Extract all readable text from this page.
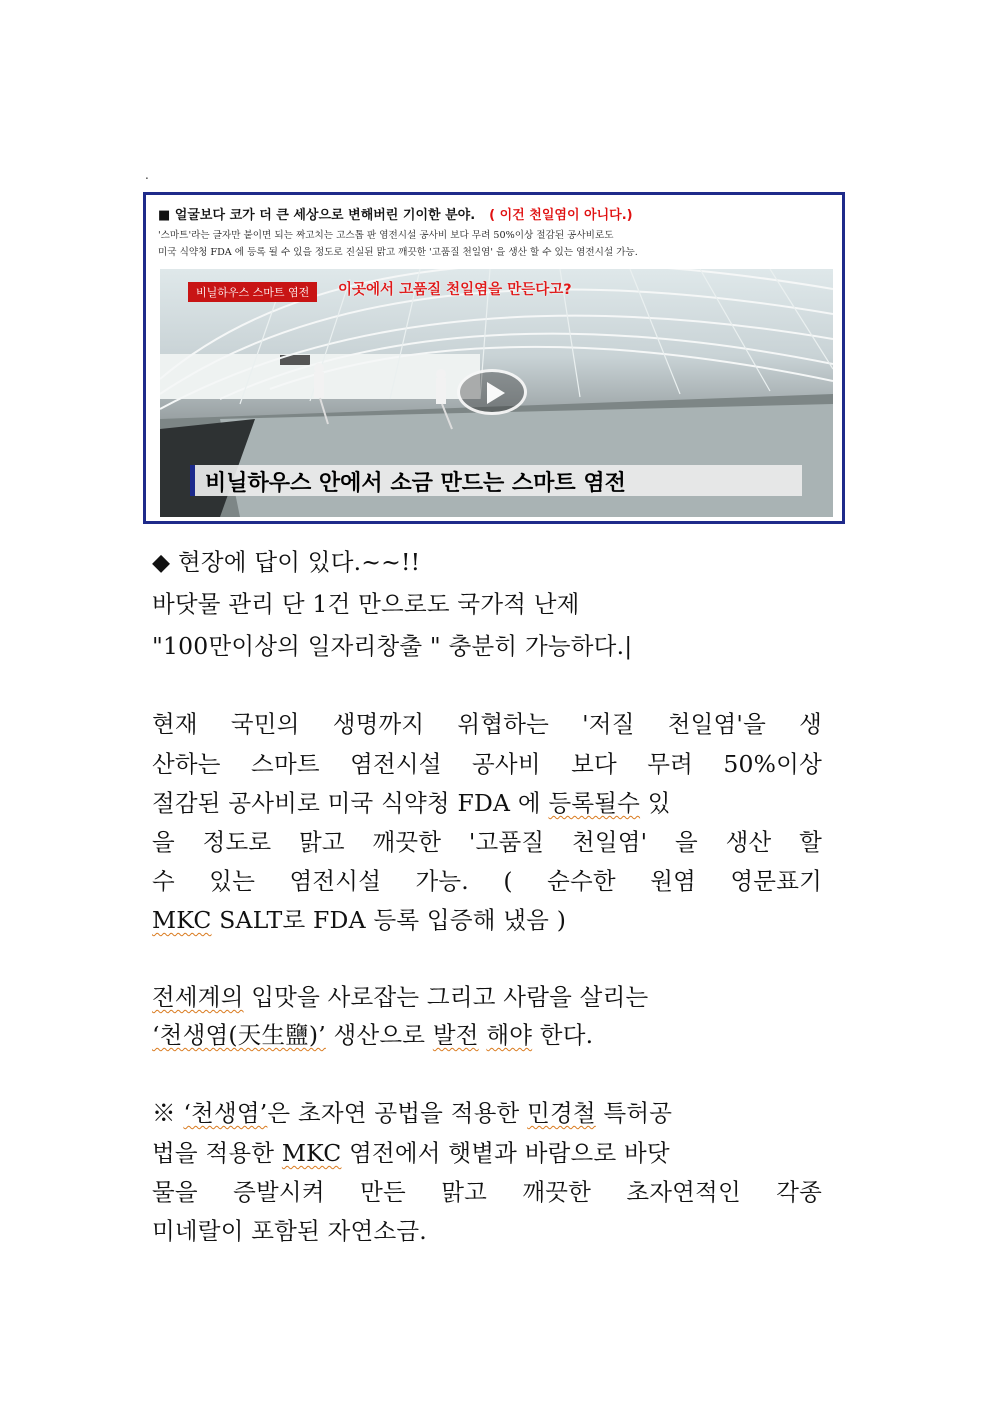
.
■ 얼굴보다 코가 더 큰 세상으로 변해버린 기이한 분야. ( 이건 천일염이 아니다.)
'스마트'라는 글자만 붙이면 되는 짜고치는 고스톱 판 염전시설 공사비 보다 무려 50%이상 절감된 공사비로도
미국 식약청 FDA 에 등록 될 수 있을 정도로 진실된 맑고 깨끗한 '고품질 천일염' 을 생산 할 수 있는 염전시설 가능.
비닐하우스 스마트 염전	이곳에서 고품질 천일염을 만든다고?
비닐하우스 안에서 소금 만드는 스마트 염전
◆ 현장에 답이 있다.~~!!
바닷물 관리 단 1건 만으로도 국가적 난제
"100만이상의 일자리창출 " 충분히 가능하다.|
현재 국민의 생명까지 위협하는 '저질 천일염'을 생
산하는 스마트 염전시설 공사비 보다 무려 50%이상
절감된 공사비로 미국 식약청 FDA 에 등록될수 있
을 정도로 맑고 깨끗한 '고품질 천일염' 을 생산 할
수 있는 염전시설 가능. ( 순수한 원염 영문표기
MKC SALT로 FDA 등록 입증해 냈음 )
전세계의 입맛을 사로잡는 그리고 사람을 살리는
‘천생염(天生鹽)’ 생산으로 발전 해야 한다.
※ ‘천생염’은 초자연 공법을 적용한 민경철 특허공
법을 적용한 MKC 염전에서 햇볕과 바람으로 바닷
물을 증발시켜 만든 맑고 깨끗한 초자연적인 각종
미네랄이 포함된 자연소금.
